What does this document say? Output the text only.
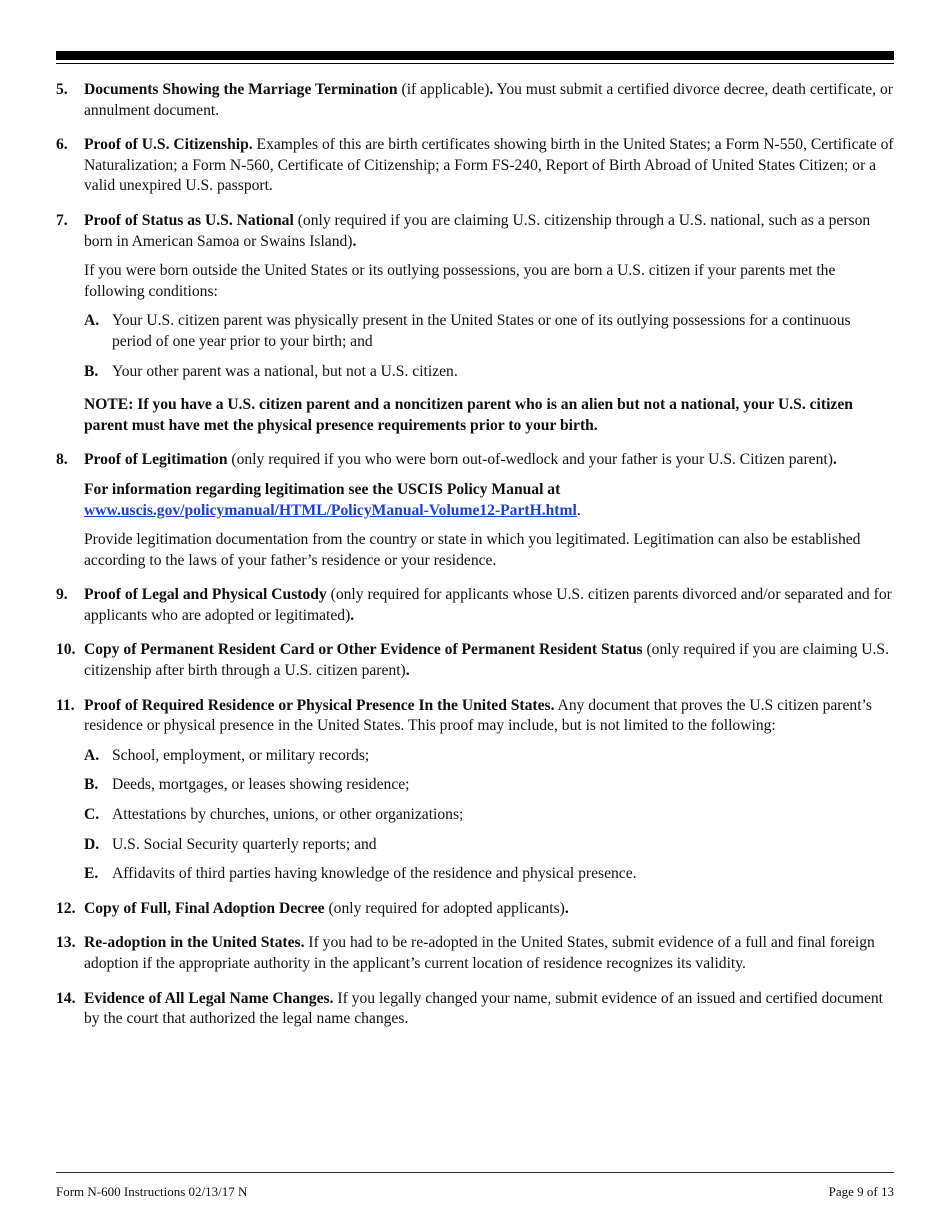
5. Documents Showing the Marriage Termination (if applicable). You must submit a certified divorce decree, death certificate, or annulment document.
6. Proof of U.S. Citizenship. Examples of this are birth certificates showing birth in the United States; a Form N-550, Certificate of Naturalization; a Form N-560, Certificate of Citizenship; a Form FS-240, Report of Birth Abroad of United States Citizen; or a valid unexpired U.S. passport.
7. Proof of Status as U.S. National (only required if you are claiming U.S. citizenship through a U.S. national, such as a person born in American Samoa or Swains Island).

If you were born outside the United States or its outlying possessions, you are born a U.S. citizen if your parents met the following conditions:

A. Your U.S. citizen parent was physically present in the United States or one of its outlying possessions for a continuous period of one year prior to your birth; and
B. Your other parent was a national, but not a U.S. citizen.
NOTE: If you have a U.S. citizen parent and a noncitizen parent who is an alien but not a national, your U.S. citizen parent must have met the physical presence requirements prior to your birth.
8. Proof of Legitimation (only required if you who were born out-of-wedlock and your father is your U.S. Citizen parent).

For information regarding legitimation see the USCIS Policy Manual at
www.uscis.gov/policymanual/HTML/PolicyManual-Volume12-PartH.html.

Provide legitimation documentation from the country or state in which you legitimated. Legitimation can also be established according to the laws of your father’s residence or your residence.

9. Proof of Legal and Physical Custody (only required for applicants whose U.S. citizen parents divorced and/or separated and for applicants who are adopted or legitimated).
10. Copy of Permanent Resident Card or Other Evidence of Permanent Resident Status (only required if you are claiming U.S. citizenship after birth through a U.S. citizen parent).
11. Proof of Required Residence or Physical Presence In the United States. Any document that proves the U.S citizen parent’s residence or physical presence in the United States. This proof may include, but is not limited to the following:
A. School, employment, or military records;
B. Deeds, mortgages, or leases showing residence;
C. Attestations by churches, unions, or other organizations;
D. U.S. Social Security quarterly reports; and
E. Affidavits of third parties having knowledge of the residence and physical presence.
12. Copy of Full, Final Adoption Decree (only required for adopted applicants).
13. Re-adoption in the United States. If you had to be re-adopted in the United States, submit evidence of a full and final foreign adoption if the appropriate authority in the applicant’s current location of residence recognizes its validity.
14. Evidence of All Legal Name Changes. If you legally changed your name, submit evidence of an issued and certified document by the court that authorized the legal name changes.
Form N-600 Instructions 02/13/17 N	Page 9 of 13
